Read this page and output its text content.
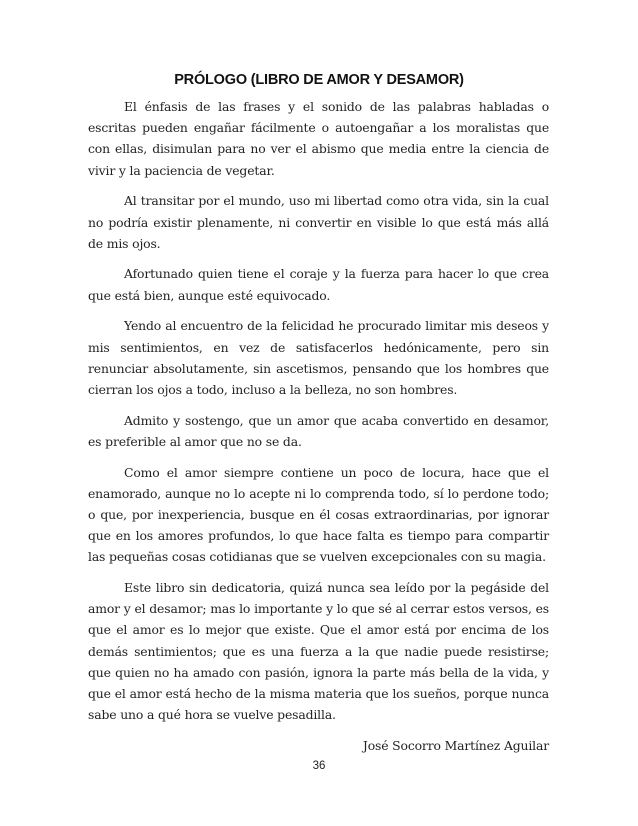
PRÓLOGO (LIBRO DE AMOR Y DESAMOR)

El énfasis de las frases y el sonido de las palabras habladas o escritas pueden engañar fácilmente o autoengañar a los moralistas que con ellas, disimulan para no ver el abismo que media entre la ciencia de vivir y la paciencia de vegetar.

Al transitar por el mundo, uso mi libertad como otra vida, sin la cual no podría existir plenamente, ni convertir en visible lo que está más allá de mis ojos.

Afortunado quien tiene el coraje y la fuerza para hacer lo que crea que está bien, aunque esté equivocado.

Yendo al encuentro de la felicidad he procurado limitar mis deseos y mis sentimientos, en vez de satisfacerlos hedónicamente, pero sin renunciar absolutamente, sin ascetismos, pensando que los hombres que cierran los ojos a todo, incluso a la belleza, no son hombres.

Admito y sostengo, que un amor que acaba convertido en desamor, es preferible al amor que no se da.

Como el amor siempre contiene un poco de locura, hace que el enamorado, aunque no lo acepte ni lo comprenda todo, sí lo perdone todo; o que, por inexperiencia, busque en él cosas extraordinarias, por ignorar que en los amores profundos, lo que hace falta es tiempo para compartir las pequeñas cosas cotidianas que se vuelven excepcionales con su magia.

Este libro sin dedicatoria, quizá nunca sea leído por la pegáside del amor y el desamor; mas lo importante y lo que sé al cerrar estos versos, es que el amor es lo mejor que existe. Que el amor está por encima de los demás sentimientos; que es una fuerza a la que nadie puede resistirse; que quien no ha amado con pasión, ignora la parte más bella de la vida, y que el amor está hecho de la misma materia que los sueños, porque nunca sabe uno a qué hora se vuelve pesadilla.

José Socorro Martínez Aguilar
36
